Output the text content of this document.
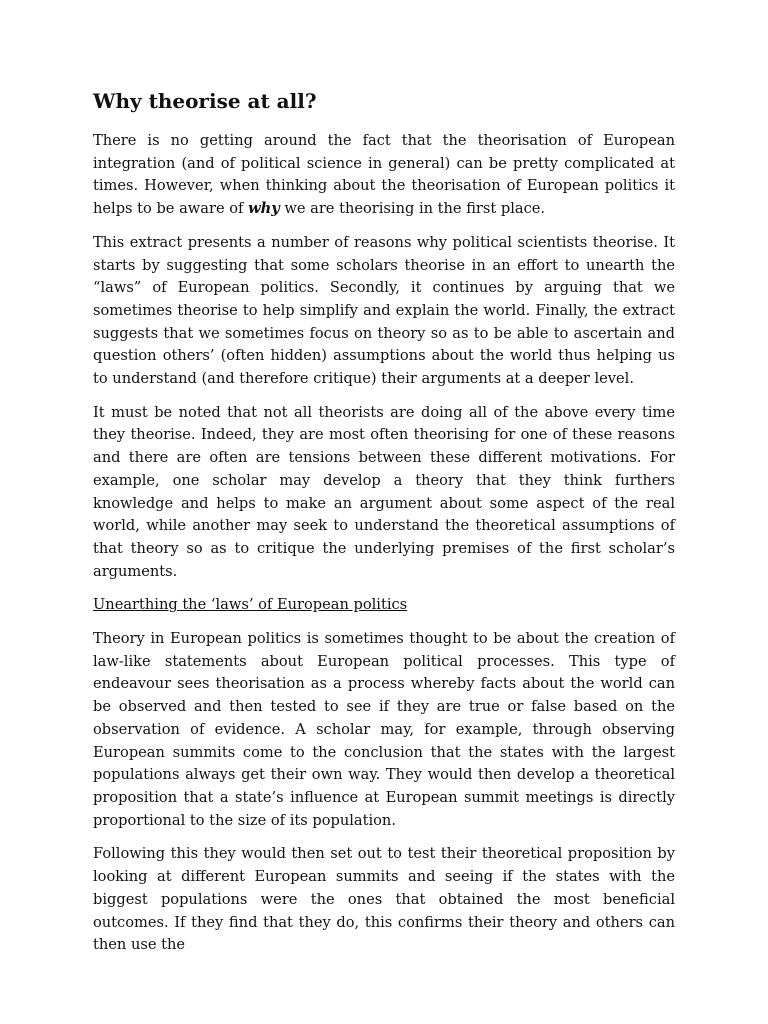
Why theorise at all?

There is no getting around the fact that the theorisation of European integration (and of political science in general) can be pretty complicated at times. However, when thinking about the theorisation of European politics it helps to be aware of why we are theorising in the first place.

This extract presents a number of reasons why political scientists theorise. It starts by suggesting that some scholars theorise in an effort to unearth the “laws” of European politics. Secondly, it continues by arguing that we sometimes theorise to help simplify and explain the world. Finally, the extract suggests that we sometimes focus on theory so as to be able to ascertain and question others’ (often hidden) assumptions about the world thus helping us to understand (and therefore critique) their arguments at a deeper level.

It must be noted that not all theorists are doing all of the above every time they theorise. Indeed, they are most often theorising for one of these reasons and there are often are tensions between these different motivations. For example, one scholar may develop a theory that they think furthers knowledge and helps to make an argument about some aspect of the real world, while another may seek to understand the theoretical assumptions of that theory so as to critique the underlying premises of the first scholar’s arguments.

Unearthing the ‘laws’ of European politics

Theory in European politics is sometimes thought to be about the creation of law-like statements about European political processes. This type of endeavour sees theorisation as a process whereby facts about the world can be observed and then tested to see if they are true or false based on the observation of evidence. A scholar may, for example, through observing European summits come to the conclusion that the states with the largest populations always get their own way. They would then develop a theoretical proposition that a state’s influence at European summit meetings is directly proportional to the size of its population.

Following this they would then set out to test their theoretical proposition by looking at different European summits and seeing if the states with the biggest populations were the ones that obtained the most beneficial outcomes. If they find that they do, this confirms their theory and others can then use the
